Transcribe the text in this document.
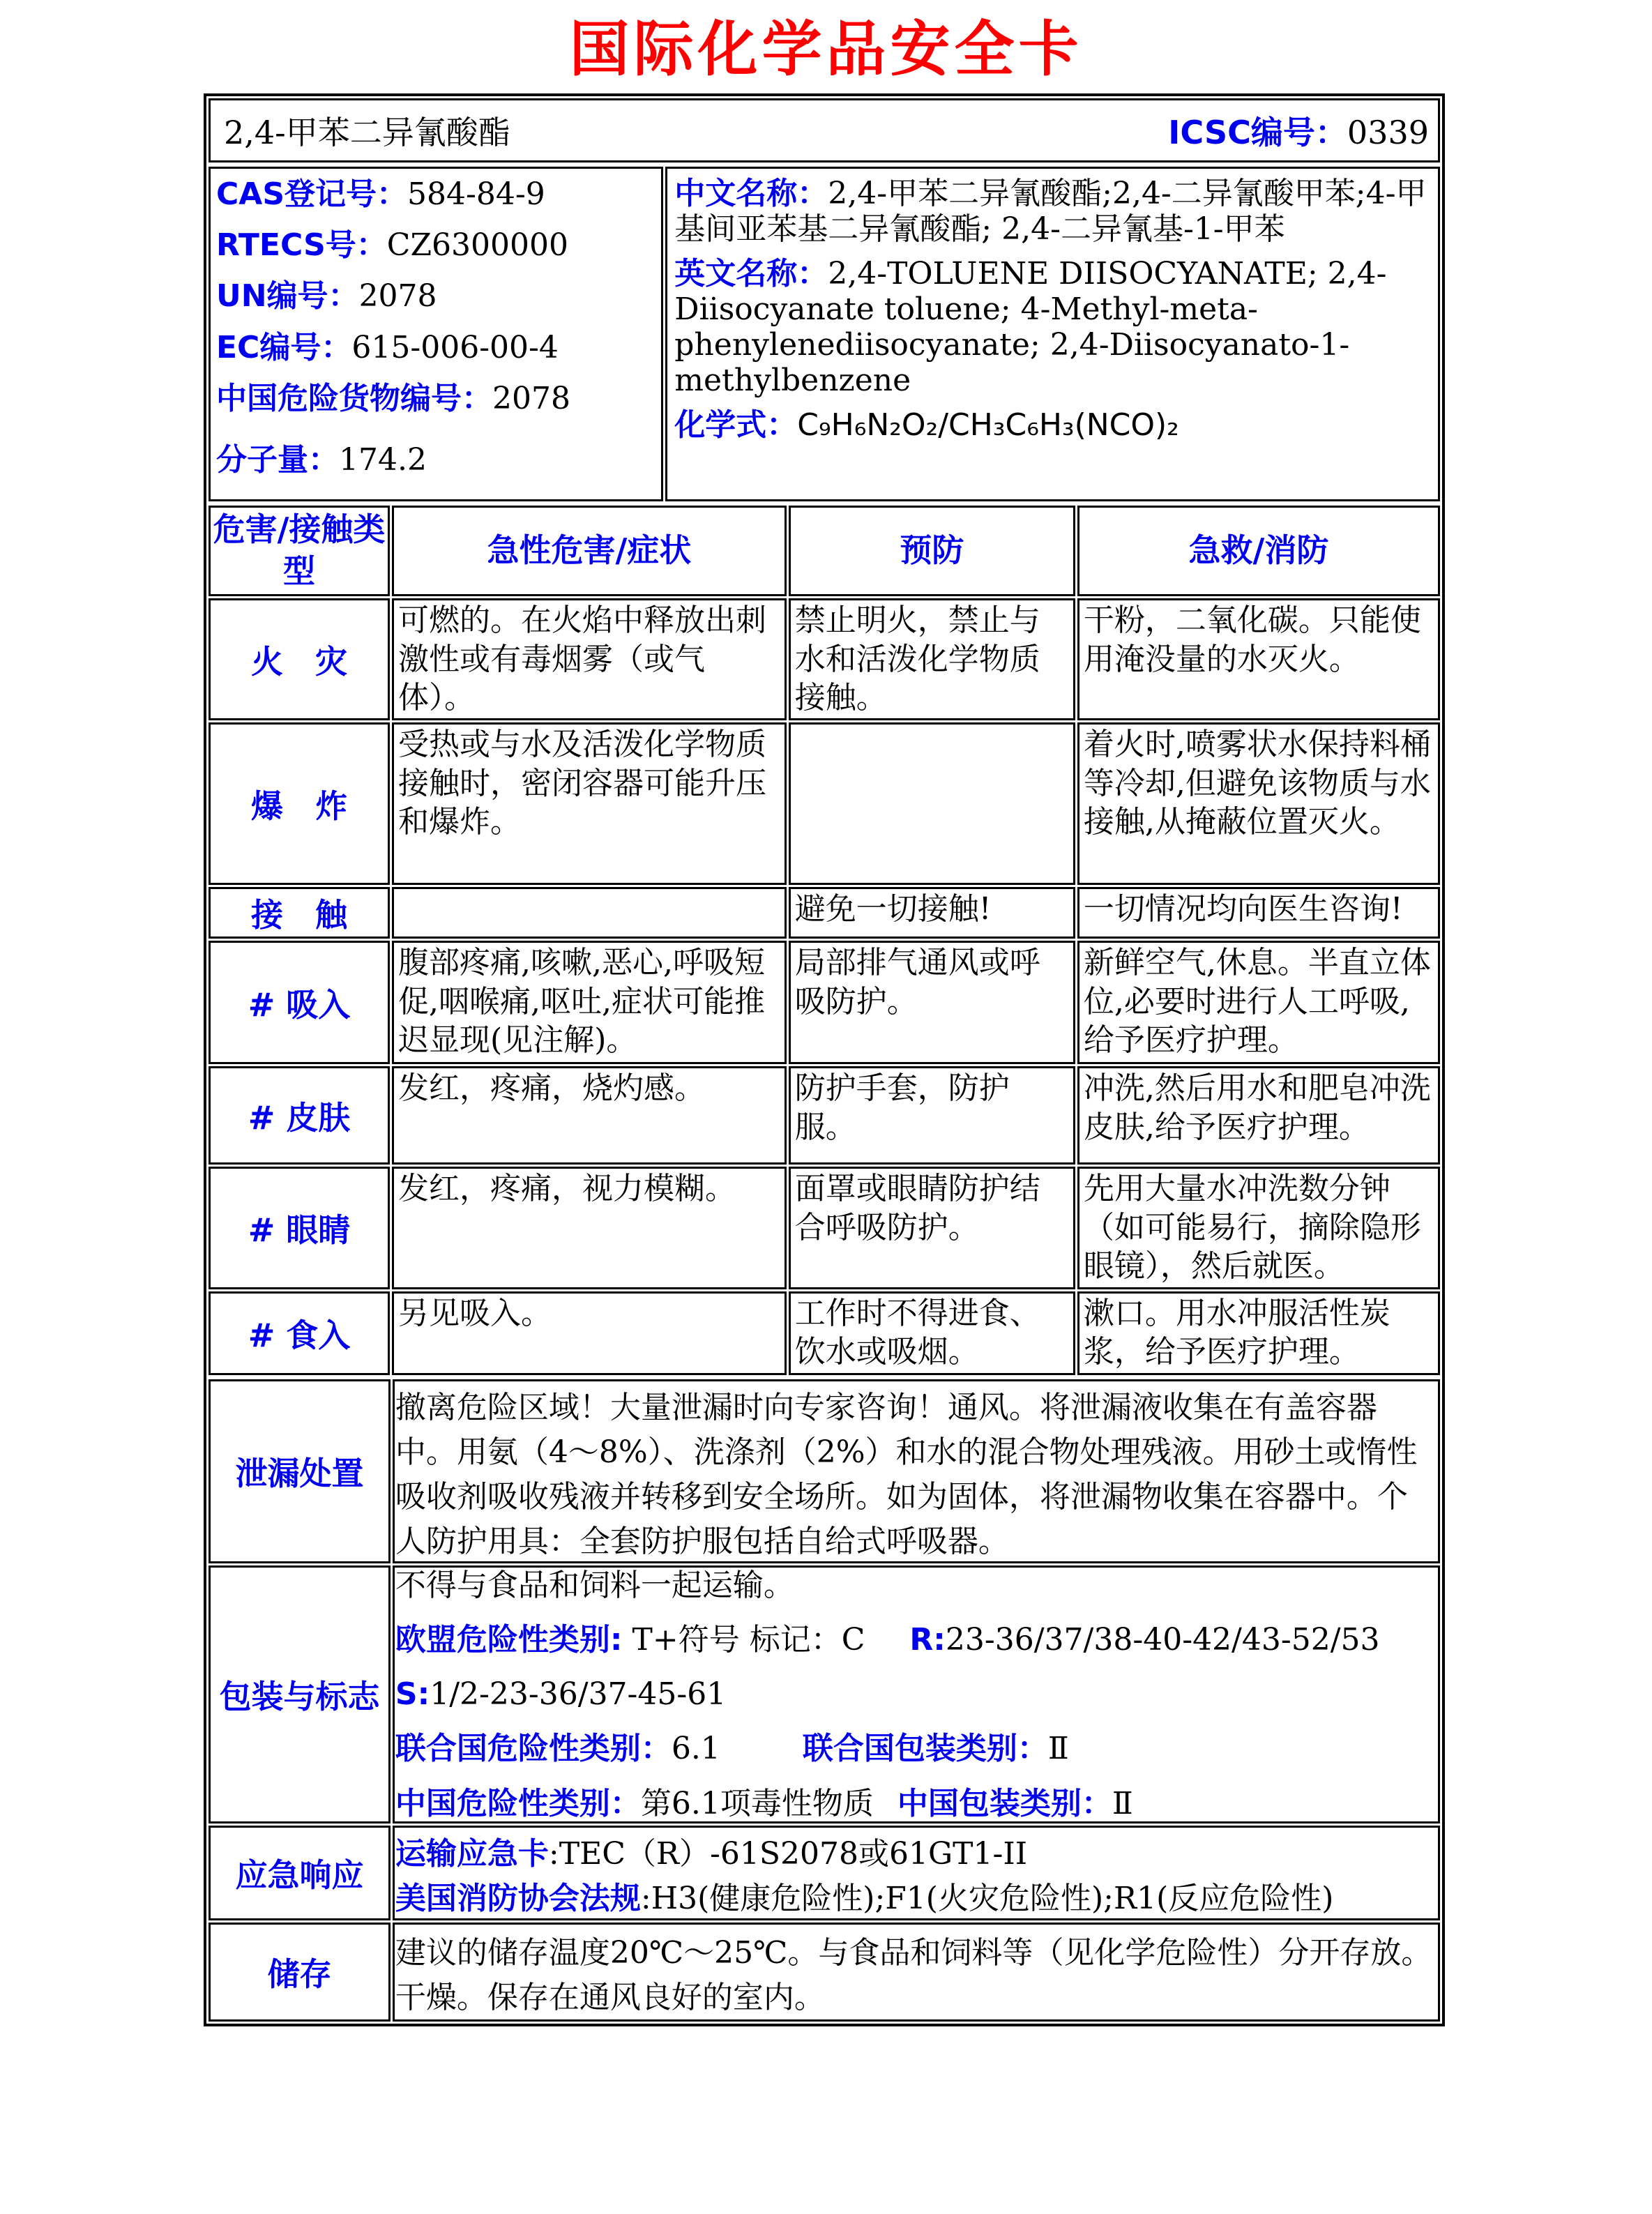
国际化学品安全卡
2,4-甲苯二异氰酸酯	ICSC编号：0339

CAS登记号：584-84-9

RTECS号：CZ6300000

UN编号：2078

EC编号：615-006-00-4

中国危险货物编号：2078

分子量：174.2

中文名称：2,4-甲苯二异氰酸酯;2,4-二异氰酸甲苯;4-甲基间亚苯基二异氰酸酯; 2,4-二异氰基-1-甲苯

英文名称：2,4-TOLUENE DIISOCYANATE; 2,4-Diisocyanate toluene; 4-Methyl-meta-phenylenediisocyanate; 2,4-Diisocyanato-1-methylbenzene

化学式：C₉H₆N₂O₂/CH₃C₆H₃(NCO)₂

危害/接触类型	急性危害/症状	预防	急救/消防
火　灾	可燃的。在火焰中释放出刺激性或有毒烟雾（或气体）。	禁止明火，禁止与水和活泼化学物质接触。	干粉，二氧化碳。只能使用淹没量的水灭火。
爆　炸	受热或与水及活泼化学物质接触时，密闭容器可能升压和爆炸。		着火时,喷雾状水保持料桶等冷却,但避免该物质与水接触,从掩蔽位置灭火。
接　触		避免一切接触!	一切情况均向医生咨询!
# 吸入	腹部疼痛,咳嗽,恶心,呼吸短促,咽喉痛,呕吐,症状可能推迟显现(见注解)。	局部排气通风或呼吸防护。	新鲜空气,休息。半直立体位,必要时进行人工呼吸,给予医疗护理。
# 皮肤	发红，疼痛，烧灼感。	防护手套，防护服。	冲洗,然后用水和肥皂冲洗皮肤,给予医疗护理。
# 眼睛	发红，疼痛，视力模糊。	面罩或眼睛防护结合呼吸防护。	先用大量水冲洗数分钟（如可能易行，摘除隐形眼镜），然后就医。
# 食入	另见吸入。	工作时不得进食、饮水或吸烟。	漱口。用水冲服活性炭浆，给予医疗护理。
泄漏处置	撤离危险区域！大量泄漏时向专家咨询！通风。将泄漏液收集在有盖容器中。用氨（4～8%）、洗涤剂（2%）和水的混合物处理残液。用砂土或惰性吸收剂吸收残液并转移到安全场所。如为固体，将泄漏物收集在容器中。个人防护用具：全套防护服包括自给式呼吸器。
包装与标志	不得与食品和饲料一起运输。

欧盟危险性类别: T+符号 标记：C R:23-36/37/38-40-42/43-52/53

S:1/2-23-36/37-45-61

联合国危险性类别：6.1 联合国包装类别：Ⅱ

中国危险性类别：第6.1项毒性物质 中国包装类别：Ⅱ

应急响应	运输应急卡:TEC（R）-61S2078或61GT1-II
美国消防协会法规:H3(健康危险性);F1(火灾危险性);R1(反应危险性)

储存	建议的储存温度20℃～25℃。与食品和饲料等（见化学危险性）分开存放。干燥。保存在通风良好的室内。
